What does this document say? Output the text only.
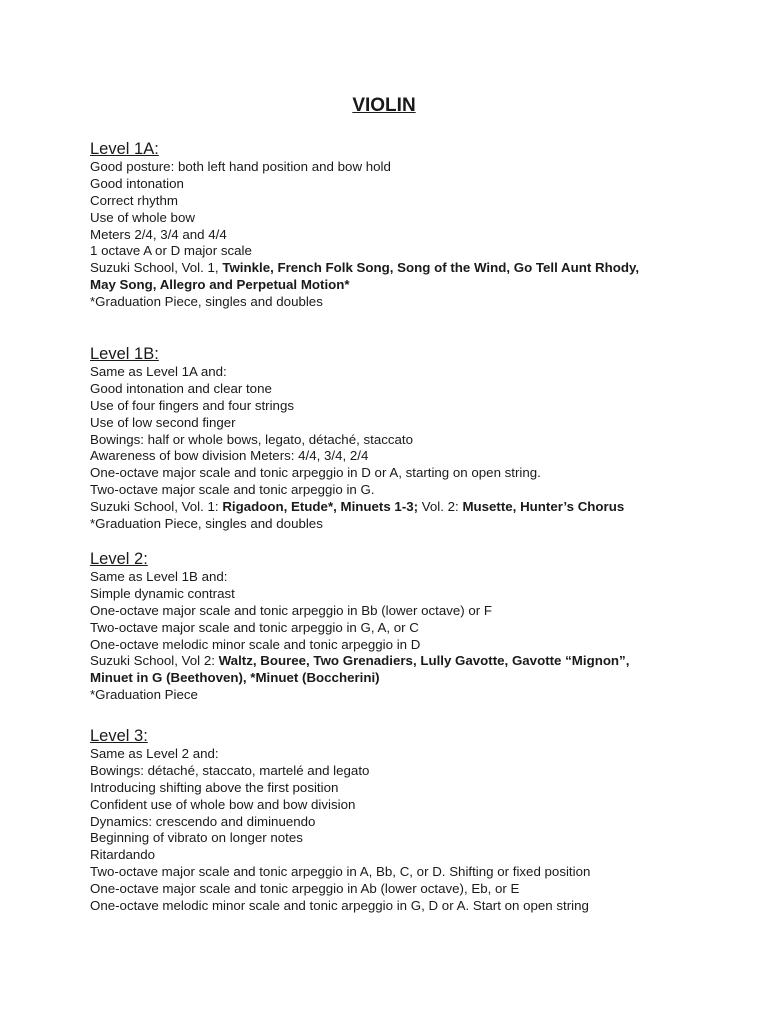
VIOLIN
Level 1A:
Good posture: both left hand position and bow hold
Good intonation
Correct rhythm
Use of whole bow
Meters 2/4, 3/4 and 4/4
1 octave A or D major scale
Suzuki School, Vol. 1, Twinkle, French Folk Song, Song of the Wind, Go Tell Aunt Rhody,
May Song, Allegro and Perpetual Motion*
*Graduation Piece, singles and doubles
Level 1B:
Same as Level 1A and:
Good intonation and clear tone
Use of four fingers and four strings
Use of low second finger
Bowings: half or whole bows, legato, détaché, staccato
Awareness of bow division Meters: 4/4, 3/4, 2/4
One-octave major scale and tonic arpeggio in D or A, starting on open string.
Two-octave major scale and tonic arpeggio in G.
Suzuki School, Vol. 1: Rigadoon, Etude*, Minuets 1-3; Vol. 2: Musette, Hunter’s Chorus
*Graduation Piece, singles and doubles
Level 2:
Same as Level 1B and:
Simple dynamic contrast
One-octave major scale and tonic arpeggio in Bb (lower octave) or F
Two-octave major scale and tonic arpeggio in G, A, or C
One-octave melodic minor scale and tonic arpeggio in D
Suzuki School, Vol 2: Waltz, Bouree, Two Grenadiers, Lully Gavotte, Gavotte “Mignon”,
Minuet in G (Beethoven), *Minuet (Boccherini)
*Graduation Piece
Level 3:
Same as Level 2 and:
Bowings: détaché, staccato, martelé and legato
Introducing shifting above the first position
Confident use of whole bow and bow division
Dynamics: crescendo and diminuendo
Beginning of vibrato on longer notes
Ritardando
Two-octave major scale and tonic arpeggio in A, Bb, C, or D. Shifting or fixed position
One-octave major scale and tonic arpeggio in Ab (lower octave), Eb, or E
One-octave melodic minor scale and tonic arpeggio in G, D or A. Start on open string
